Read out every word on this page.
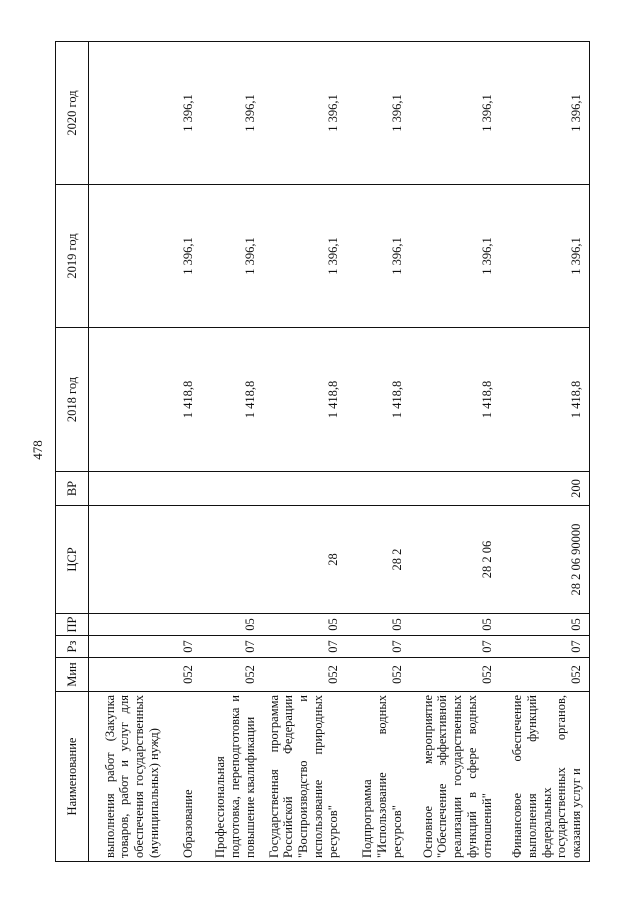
478
Наименование	Мин	Рз	ПР	ЦСР	ВР	2018 год	2019 год	2020 год
выполнения работ (Закупка товаров, работ и услуг для обеспечения государственных (муниципальных) нужд)								
Образование	052	07				1 418,8	1 396,1	1 396,1
Профессиональная подготовка, переподготовка и повышение квалификации	052	07	05			1 418,8	1 396,1	1 396,1
Государственная программа Российской Федерации "Воспроизводство и использование природных ресурсов"	052	07	05	28		1 418,8	1 396,1	1 396,1
Подпрограмма "Использование водных ресурсов"	052	07	05	28 2		1 418,8	1 396,1	1 396,1
Основное мероприятие "Обеспечение эффективной реализации государственных функций в сфере водных отношений"	052	07	05	28 2 06		1 418,8	1 396,1	1 396,1
Финансовое обеспечение выполнения функций федеральных государственных органов, оказания услуг и	052	07	05	28 2 06 90000	200	1 418,8	1 396,1	1 396,1
